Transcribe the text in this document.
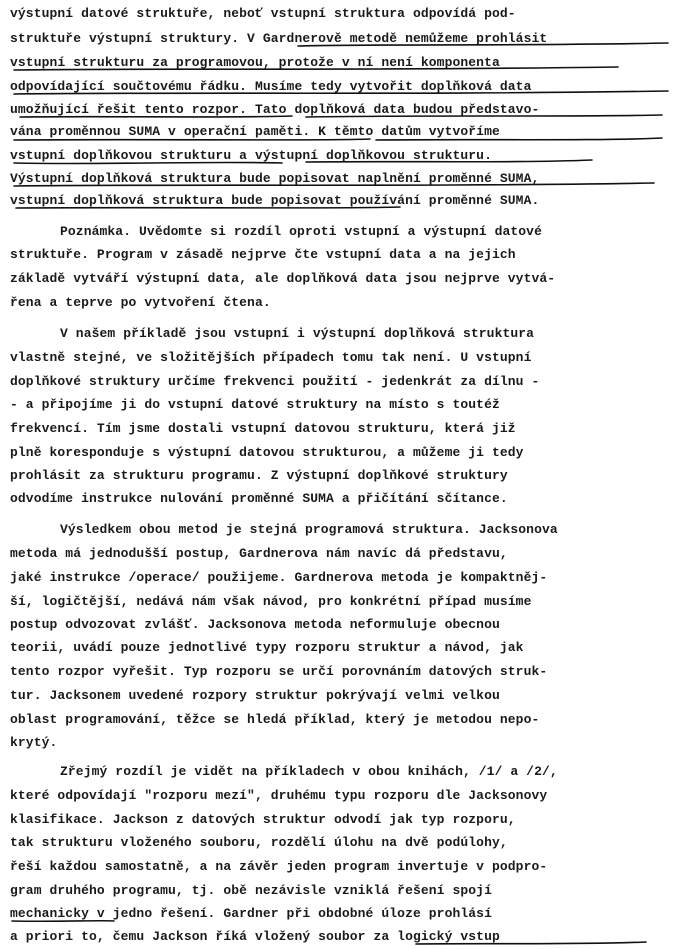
výstupní datové struktuře, neboť vstupní struktura odpovídá pod-
struktuře výstupní struktury. V Gardnerově metodě nemůžeme prohlásit
vstupní strukturu za programovou, protože v ní není komponenta
odpovídající součtovému řádku. Musíme tedy vytvořit doplňková data
umožňující řešit tento rozpor. Tato doplňková data budou představo-
vána proměnnou SUMA v operační paměti. K těmto datům vytvoříme
vstupní doplňkovou strukturu a výstupní doplňkovou strukturu.
Výstupní doplňková struktura bude popisovat naplnění proměnné SUMA,
vstupní doplňková struktura bude popisovat používání proměnné SUMA.
Poznámka. Uvědomte si rozdíl oproti vstupní a výstupní datové
struktuře. Program v zásadě nejprve čte vstupní data a na jejich
základě vytváří výstupní data, ale doplňková data jsou nejprve vytvá-
řena a teprve po vytvoření čtena.
V našem příkladě jsou vstupní i výstupní doplňková struktura
vlastně stejné, ve složitějších případech tomu tak není. U vstupní
doplňkové struktury určíme frekvenci použití - jedenkrát za dílnu -
- a připojíme ji do vstupní datové struktury na místo s toutéž
frekvencí. Tím jsme dostali vstupní datovou strukturu, která již
plně koresponduje s výstupní datovou strukturou, a můžeme ji tedy
prohlásit za strukturu programu. Z výstupní doplňkové struktury
odvodíme instrukce nulování proměnné SUMA a přičítání sčítance.
Výsledkem obou metod je stejná programová struktura. Jacksonova
metoda má jednodušší postup, Gardnerova nám navíc dá představu,
jaké instrukce /operace/ použijeme. Gardnerova metoda je kompaktněj-
ší, logičtější, nedává nám však návod, pro konkrétní případ musíme
postup odvozovat zvlášť. Jacksonova metoda neformuluje obecnou
teorii, uvádí pouze jednotlivé typy rozporu struktur a návod, jak
tento rozpor vyřešit. Typ rozporu se určí porovnáním datových struk-
tur. Jacksonem uvedené rozpory struktur pokrývají velmi velkou
oblast programování, těžce se hledá příklad, který je metodou nepo-
krytý.
Zřejmý rozdíl je vidět na příkladech v obou knihách, /1/ a /2/,
které odpovídají "rozporu mezí", druhému typu rozporu dle Jacksonovy
klasifikace. Jackson z datových struktur odvodí jak typ rozporu,
tak strukturu vloženého souboru, rozdělí úlohu na dvě podúlohy,
řeší každou samostatně, a na závěr jeden program invertuje v podpro-
gram druhého programu, tj. obě nezávisle vzniklá řešení spojí
mechanicky v jedno řešení. Gardner při obdobné úloze prohlásí
a priori to, čemu Jackson říká vložený soubor za logický vstup
